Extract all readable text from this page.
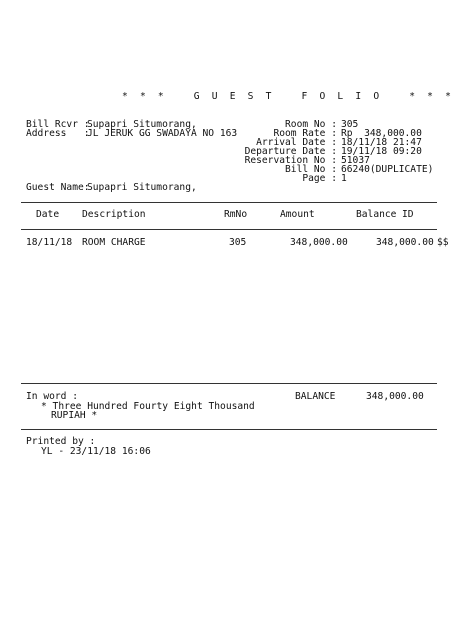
* * *   G U E S T   F O L I O   * * *
Bill Rcvr :
Supapri Situmorang,
Address   :
JL JERUK GG SWADAYA NO 163
Room No : 305
Room Rate : Rp  348,000.00
Arrival Date : 18/11/18 21:47
Departure Date : 19/11/18 09:20
Reservation No : 51037
Bill No : 66240(DUPLICATE)
Page : 1
Guest Name:
Supapri Situmorang,
Date Description	RmNo	Amount	Balance ID
18/11/18 ROOM CHARGE	305	348,000.00	348,000.00 $$
In word :
* Three Hundred Fourty Eight Thousand
RUPIAH *
BALANCE	348,000.00
Printed by :
YL - 23/11/18 16:06
